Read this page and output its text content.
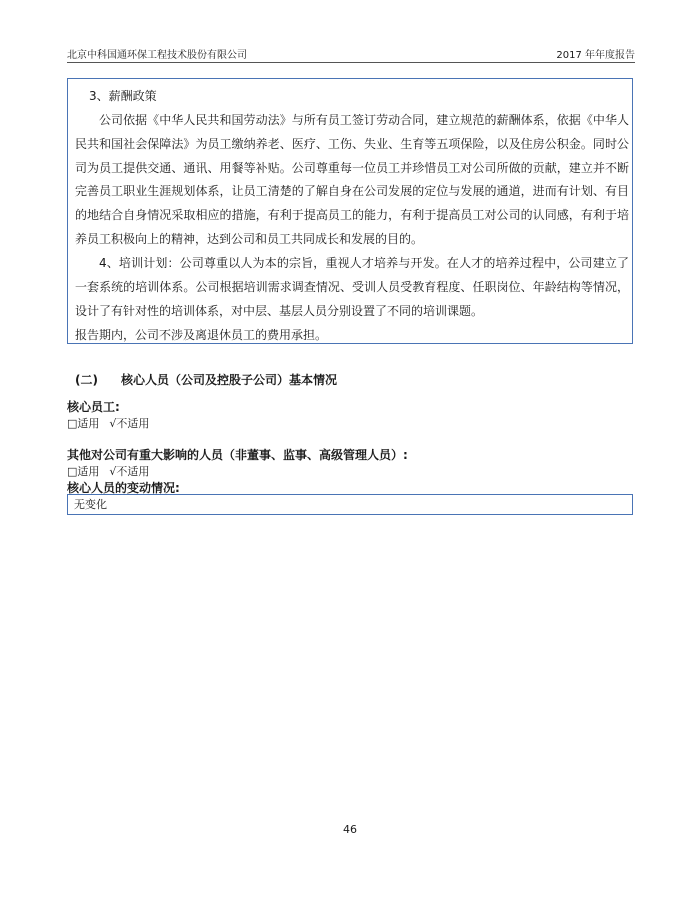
北京中科国通环保工程技术股份有限公司	2017 年年度报告

3、薪酬政策

公司依据《中华人民共和国劳动法》与所有员工签订劳动合同，建立规范的薪酬体系，依据《中华人民共和国社会保障法》为员工缴纳养老、医疗、工伤、失业、生育等五项保险，以及住房公积金。同时公司为员工提供交通、通讯、用餐等补贴。公司尊重每一位员工并珍惜员工对公司所做的贡献，建立并不断完善员工职业生涯规划体系，让员工清楚的了解自身在公司发展的定位与发展的通道，进而有计划、有目的地结合自身情况采取相应的措施，有利于提高员工的能力，有利于提高员工对公司的认同感，有利于培养员工积极向上的精神，达到公司和员工共同成长和发展的目的。

4、培训计划：公司尊重以人为本的宗旨，重视人才培养与开发。在人才的培养过程中，公司建立了一套系统的培训体系。公司根据培训需求调查情况、受训人员受教育程度、任职岗位、年龄结构等情况，设计了有针对性的培训体系，对中层、基层人员分别设置了不同的培训课题。

报告期内，公司不涉及离退休员工的费用承担。

(二) 核心人员（公司及控股子公司）基本情况
核心员工:
□适用 √不适用
其他对公司有重大影响的人员（非董事、监事、高级管理人员）:
□适用 √不适用
核心人员的变动情况:
无变化
46
